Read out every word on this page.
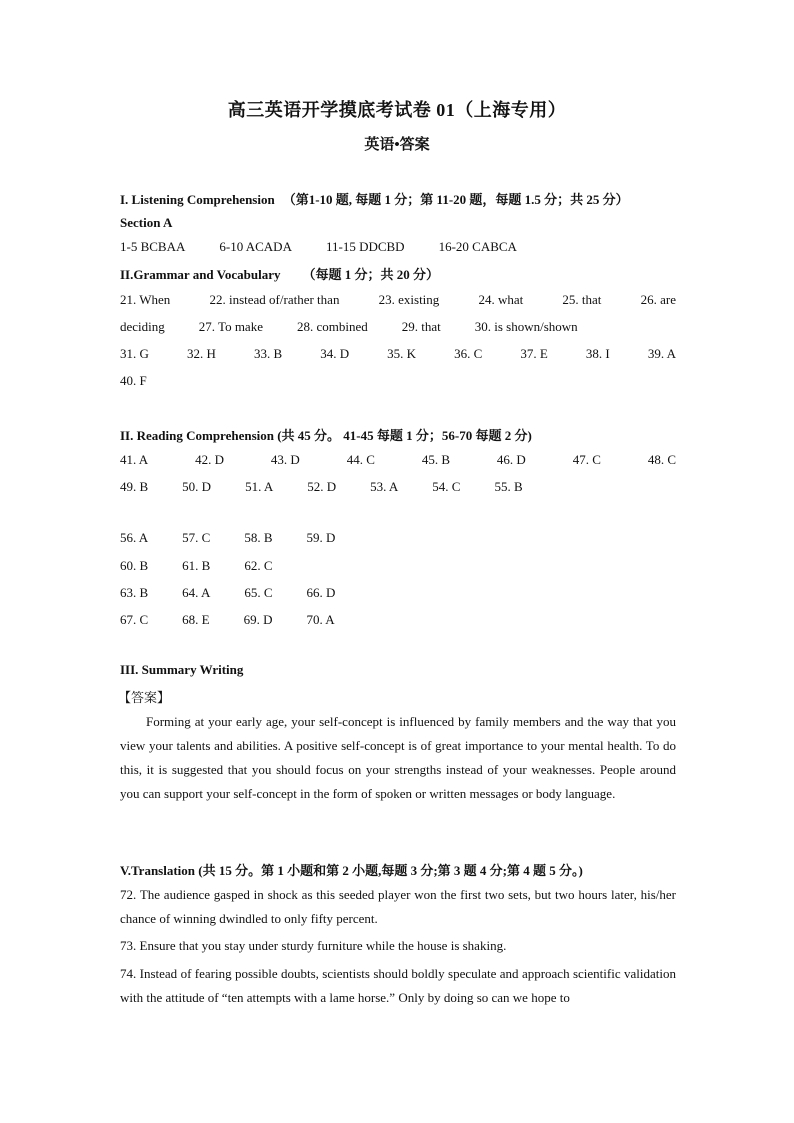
高三英语开学摸底考试卷 01（上海专用）
英语•答案
I. Listening Comprehension （第1-10 题, 每题 1 分；第 11-20 题，每题 1.5 分；共 25 分）
Section A
1-5 BCBAA	6-10 ACADA	11-15 DDCBD	16-20 CABCA
II.Grammar and Vocabulary （每题 1 分；共 20 分）
21. When	22. instead of/rather than	23. existing	24. what	25. that	26. are
deciding	27. To make	28. combined	29. that	30. is shown/shown
31. G	32. H	33. B	34. D	35. K	36. C	37. E	38. I	39. A
40. F
II. Reading Comprehension (共 45 分。 41-45 每题 1 分；56-70 每题 2 分)
41. A	42. D	43. D	44. C	45. B	46. D	47. C	48. C
49. B	50. D	51. A	52. D	53. A	54. C	55. B
56. A	57. C	58. B	59. D
60. B	61. B	62. C
63. B	64. A	65. C	66. D
67. C	68. E	69. D	70. A
III. Summary Writing
【答案】
Forming at your early age, your self-concept is influenced by family members and the way that you view your talents and abilities. A positive self-concept is of great importance to your mental health. To do this, it is suggested that you should focus on your strengths instead of your weaknesses. People around you can support your self-concept in the form of spoken or written messages or body language.
V.Translation (共 15 分。第 1 小题和第 2 小题,每题 3 分;第 3 题 4 分;第 4 题 5 分。)
72. The audience gasped in shock as this seeded player won the first two sets, but two hours later, his/her chance of winning dwindled to only fifty percent.
73. Ensure that you stay under sturdy furniture while the house is shaking.
74. Instead of fearing possible doubts, scientists should boldly speculate and approach scientific validation with the attitude of “ten attempts with a lame horse.” Only by doing so can we hope to
